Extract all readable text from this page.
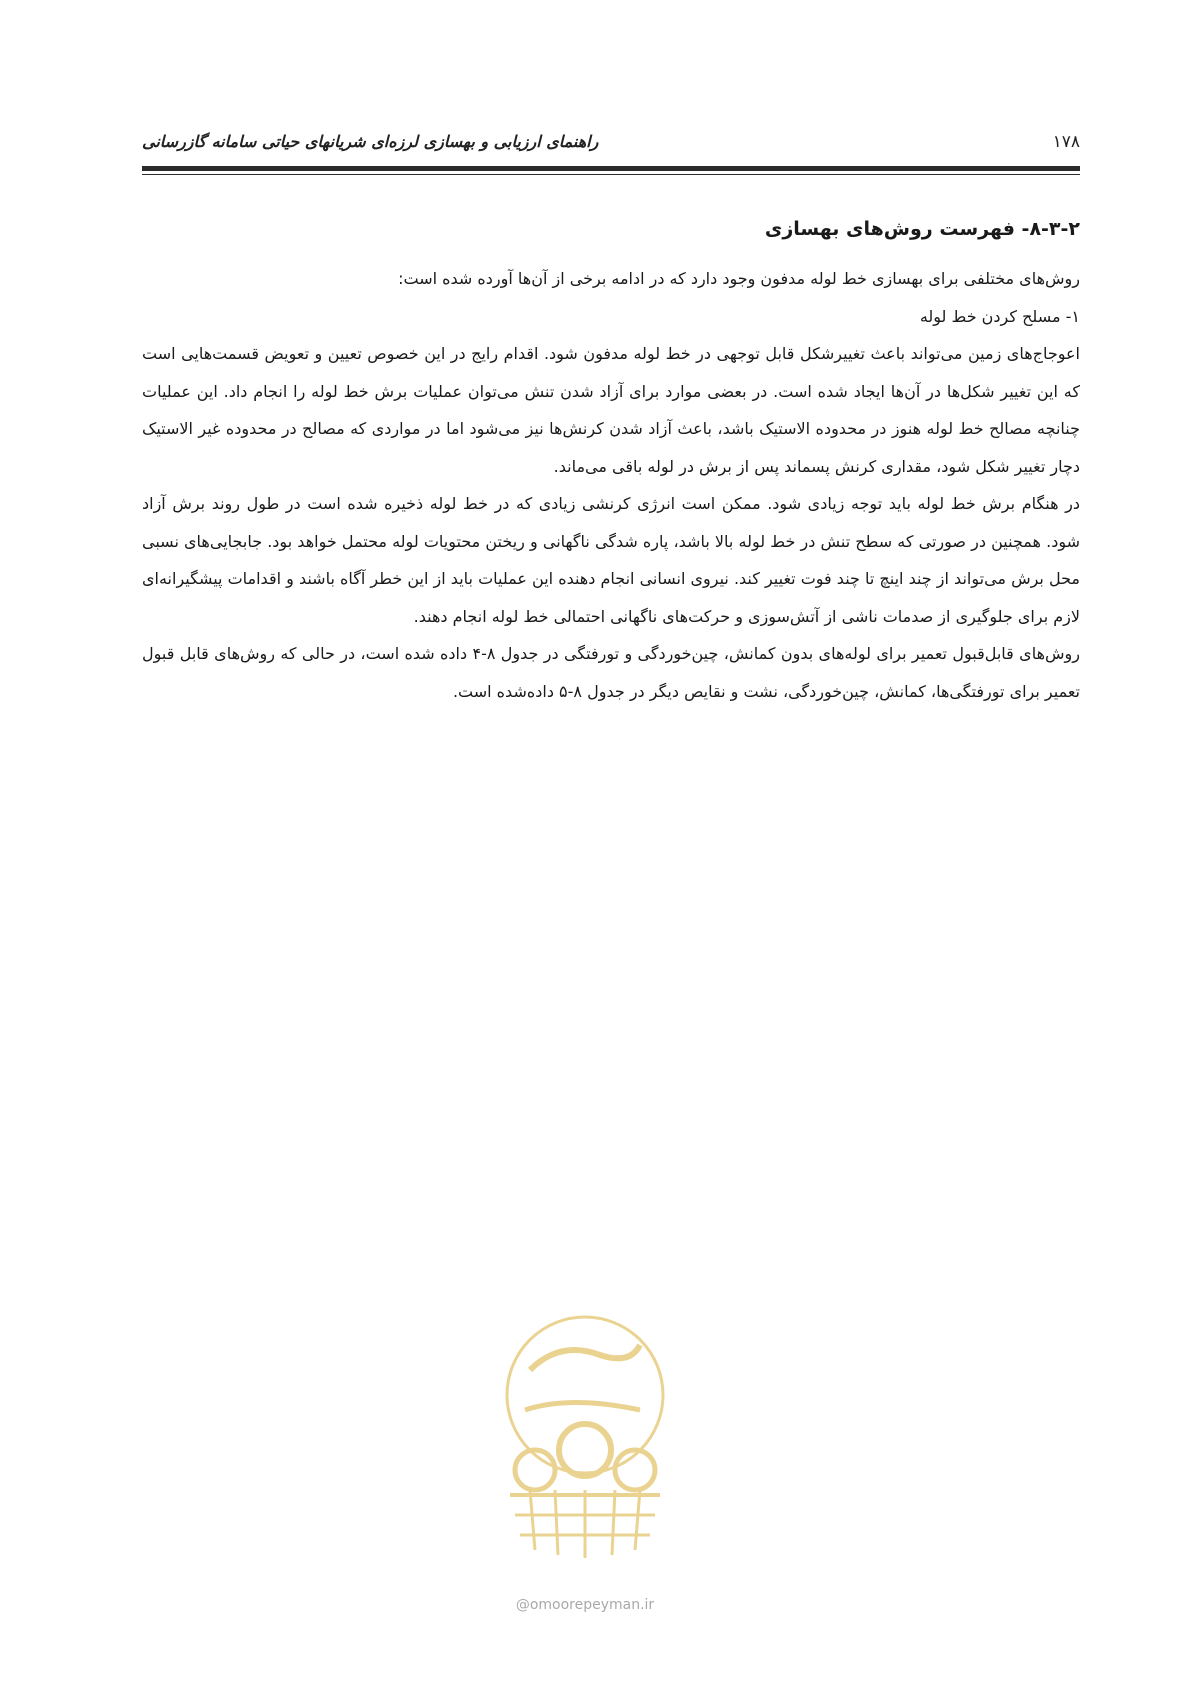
۱۷۸
راهنمای ارزیابی و بهسازی لرزه‌ای شریانهای حیاتی سامانه گازرسانی
۸-۳-۲- فهرست روش‌های بهسازی

روش‌های مختلفی برای بهسازی خط لوله مدفون وجود دارد که در ادامه برخی از آن‌ها آورده شده است:

۱- مسلح کردن خط لوله

اعوجاج‌های زمین می‌تواند باعث تغییرشکل قابل توجهی در خط لوله مدفون شود. اقدام رایج در این خصوص تعیین و تعویض قسمت‌هایی است که این تغییر شکل‌ها در آن‌ها ایجاد شده است. در بعضی موارد برای آزاد شدن تنش می‌توان عملیات برش خط لوله را انجام داد. این عملیات چنانچه مصالح خط لوله هنوز در محدوده الاستیک باشد، باعث آزاد شدن کرنش‌ها نیز می‌شود اما در مواردی که مصالح در محدوده غیر الاستیک دچار تغییر شکل شود، مقداری کرنش پسماند پس از برش در لوله باقی می‌ماند.

در هنگام برش خط لوله باید توجه زیادی شود. ممکن است انرژی کرنشی زیادی که در خط لوله ذخیره شده است در طول روند برش آزاد شود. همچنین در صورتی که سطح تنش در خط لوله بالا باشد، پاره شدگی ناگهانی و ریختن محتویات لوله محتمل خواهد بود. جابجایی‌های نسبی محل برش می‌تواند از چند اینچ تا چند فوت تغییر کند. نیروی انسانی انجام دهنده این عملیات باید از این خطر آگاه باشند و اقدامات پیشگیرانه‌ای لازم برای جلوگیری از صدمات ناشی از آتش‌سوزی و حرکت‌های ناگهانی احتمالی خط لوله انجام دهند.

روش‌های قابل‌قبول تعمیر برای لوله‌های بدون کمانش، چین‌خوردگی و تورفتگی در جدول ۸-۴ داده شده است، در حالی که روش‌های قابل قبول تعمیر برای تورفتگی‌ها، کمانش، چین‌خوردگی، نشت و نقایص دیگر در جدول ۸-۵ داده‌شده است.

@omoorepeyman.ir
